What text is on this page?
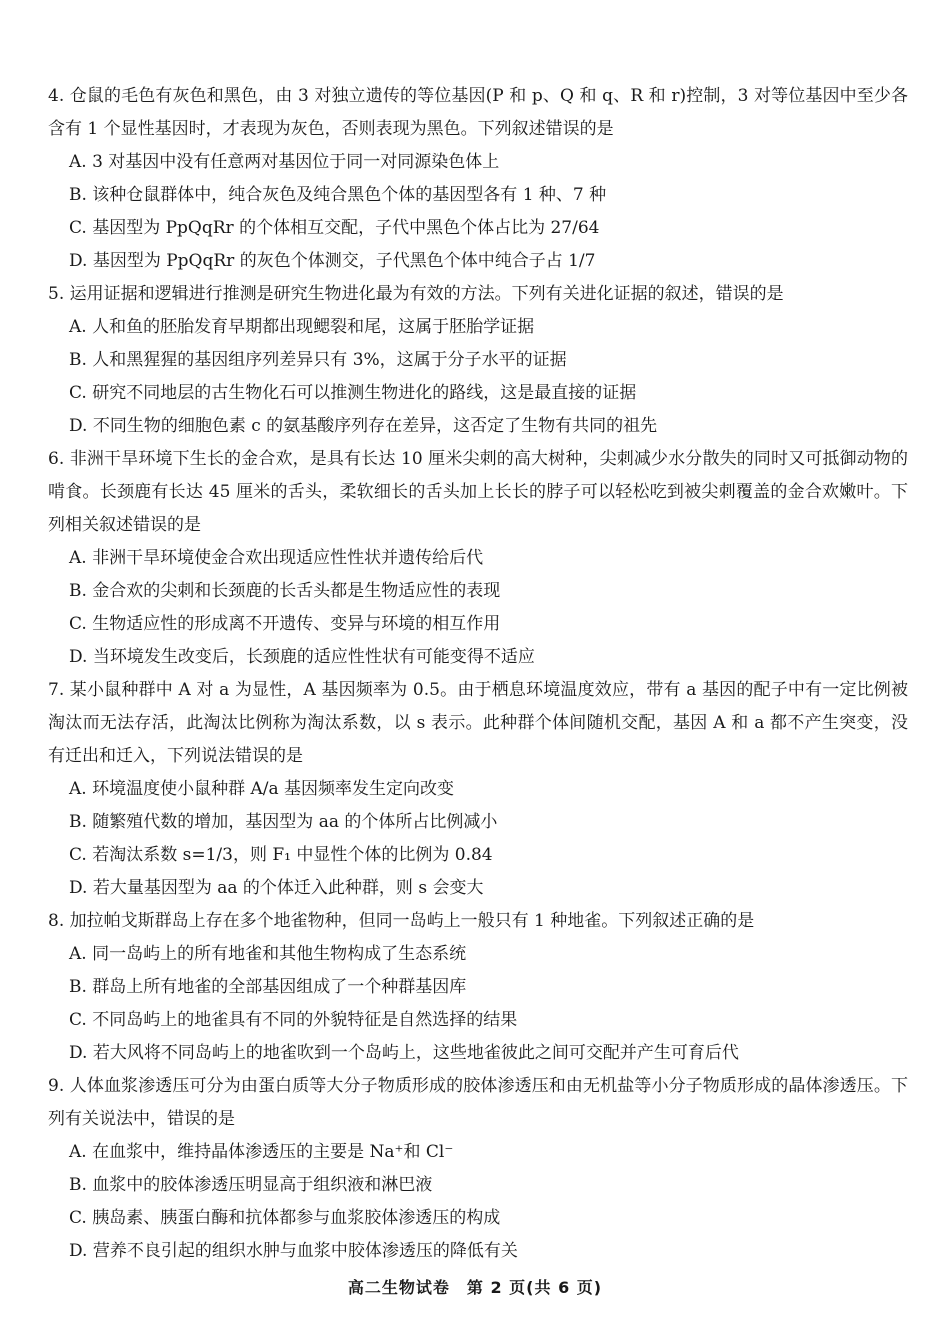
4. 仓鼠的毛色有灰色和黑色，由 3 对独立遗传的等位基因(P 和 p、Q 和 q、R 和 r)控制，3 对等位基因中至少各含有 1 个显性基因时，才表现为灰色，否则表现为黑色。下列叙述错误的是

A. 3 对基因中没有任意两对基因位于同一对同源染色体上

B. 该种仓鼠群体中，纯合灰色及纯合黑色个体的基因型各有 1 种、7 种

C. 基因型为 PpQqRr 的个体相互交配，子代中黑色个体占比为 27/64

D. 基因型为 PpQqRr 的灰色个体测交，子代黑色个体中纯合子占 1/7

5. 运用证据和逻辑进行推测是研究生物进化最为有效的方法。下列有关进化证据的叙述，错误的是

A. 人和鱼的胚胎发育早期都出现鳃裂和尾，这属于胚胎学证据

B. 人和黑猩猩的基因组序列差异只有 3%，这属于分子水平的证据

C. 研究不同地层的古生物化石可以推测生物进化的路线，这是最直接的证据

D. 不同生物的细胞色素 c 的氨基酸序列存在差异，这否定了生物有共同的祖先

6. 非洲干旱环境下生长的金合欢，是具有长达 10 厘米尖刺的高大树种，尖刺减少水分散失的同时又可抵御动物的啃食。长颈鹿有长达 45 厘米的舌头，柔软细长的舌头加上长长的脖子可以轻松吃到被尖刺覆盖的金合欢嫩叶。下列相关叙述错误的是

A. 非洲干旱环境使金合欢出现适应性性状并遗传给后代

B. 金合欢的尖刺和长颈鹿的长舌头都是生物适应性的表现

C. 生物适应性的形成离不开遗传、变异与环境的相互作用

D. 当环境发生改变后，长颈鹿的适应性性状有可能变得不适应

7. 某小鼠种群中 A 对 a 为显性，A 基因频率为 0.5。由于栖息环境温度效应，带有 a 基因的配子中有一定比例被淘汰而无法存活，此淘汰比例称为淘汰系数，以 s 表示。此种群个体间随机交配，基因 A 和 a 都不产生突变，没有迁出和迁入，下列说法错误的是

A. 环境温度使小鼠种群 A/a 基因频率发生定向改变

B. 随繁殖代数的增加，基因型为 aa 的个体所占比例减小

C. 若淘汰系数 s=1/3，则 F₁ 中显性个体的比例为 0.84

D. 若大量基因型为 aa 的个体迁入此种群，则 s 会变大

8. 加拉帕戈斯群岛上存在多个地雀物种，但同一岛屿上一般只有 1 种地雀。下列叙述正确的是

A. 同一岛屿上的所有地雀和其他生物构成了生态系统

B. 群岛上所有地雀的全部基因组成了一个种群基因库

C. 不同岛屿上的地雀具有不同的外貌特征是自然选择的结果

D. 若大风将不同岛屿上的地雀吹到一个岛屿上，这些地雀彼此之间可交配并产生可育后代

9. 人体血浆渗透压可分为由蛋白质等大分子物质形成的胶体渗透压和由无机盐等小分子物质形成的晶体渗透压。下列有关说法中，错误的是

A. 在血浆中，维持晶体渗透压的主要是 Na⁺和 Cl⁻

B. 血浆中的胶体渗透压明显高于组织液和淋巴液

C. 胰岛素、胰蛋白酶和抗体都参与血浆胶体渗透压的构成

D. 营养不良引起的组织水肿与血浆中胶体渗透压的降低有关

高二生物试卷　第 2 页(共 6 页)
